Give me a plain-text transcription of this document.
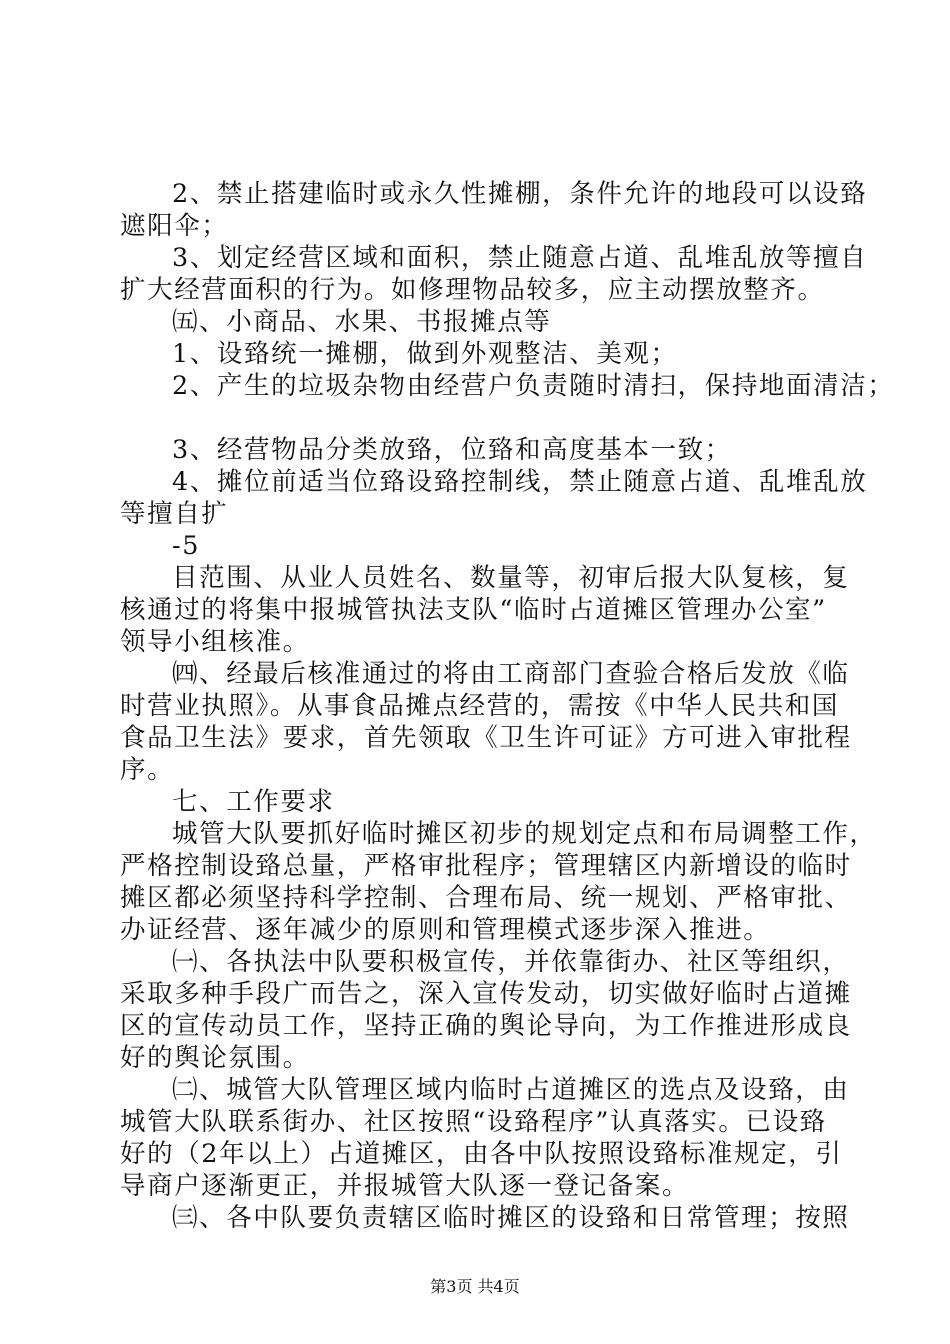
2、禁止搭建临时或永久性摊棚，条件允许的地段可以设臵
遮阳伞；
3、划定经营区域和面积，禁止随意占道、乱堆乱放等擅自
扩大经营面积的行为。如修理物品较多，应主动摆放整齐。
㈤、小商品、水果、书报摊点等
1、设臵统一摊棚，做到外观整洁、美观；
2、产生的垃圾杂物由经营户负责随时清扫，保持地面清洁；
3、经营物品分类放臵，位臵和高度基本一致；
4、摊位前适当位臵设臵控制线，禁止随意占道、乱堆乱放
等擅自扩
-5
目范围、从业人员姓名、数量等，初审后报大队复核，复
核通过的将集中报城管执法支队“临时占道摊区管理办公室”
领导小组核准。
㈣、经最后核准通过的将由工商部门查验合格后发放《临
时营业执照》。从事食品摊点经营的，需按《中华人民共和国
食品卫生法》要求，首先领取《卫生许可证》方可进入审批程
序。
七、工作要求
城管大队要抓好临时摊区初步的规划定点和布局调整工作，
严格控制设臵总量，严格审批程序；管理辖区内新增设的临时
摊区都必须坚持科学控制、合理布局、统一规划、严格审批、
办证经营、逐年减少的原则和管理模式逐步深入推进。
㈠、各执法中队要积极宣传，并依靠街办、社区等组织，
采取多种手段广而告之，深入宣传发动，切实做好临时占道摊
区的宣传动员工作，坚持正确的舆论导向，为工作推进形成良
好的舆论氛围。
㈡、城管大队管理区域内临时占道摊区的选点及设臵，由
城管大队联系街办、社区按照“设臵程序”认真落实。已设臵
好的（2年以上）占道摊区，由各中队按照设臵标准规定，引
导商户逐渐更正，并报城管大队逐一登记备案。
㈢、各中队要负责辖区临时摊区的设臵和日常管理；按照
第3页 共4页
